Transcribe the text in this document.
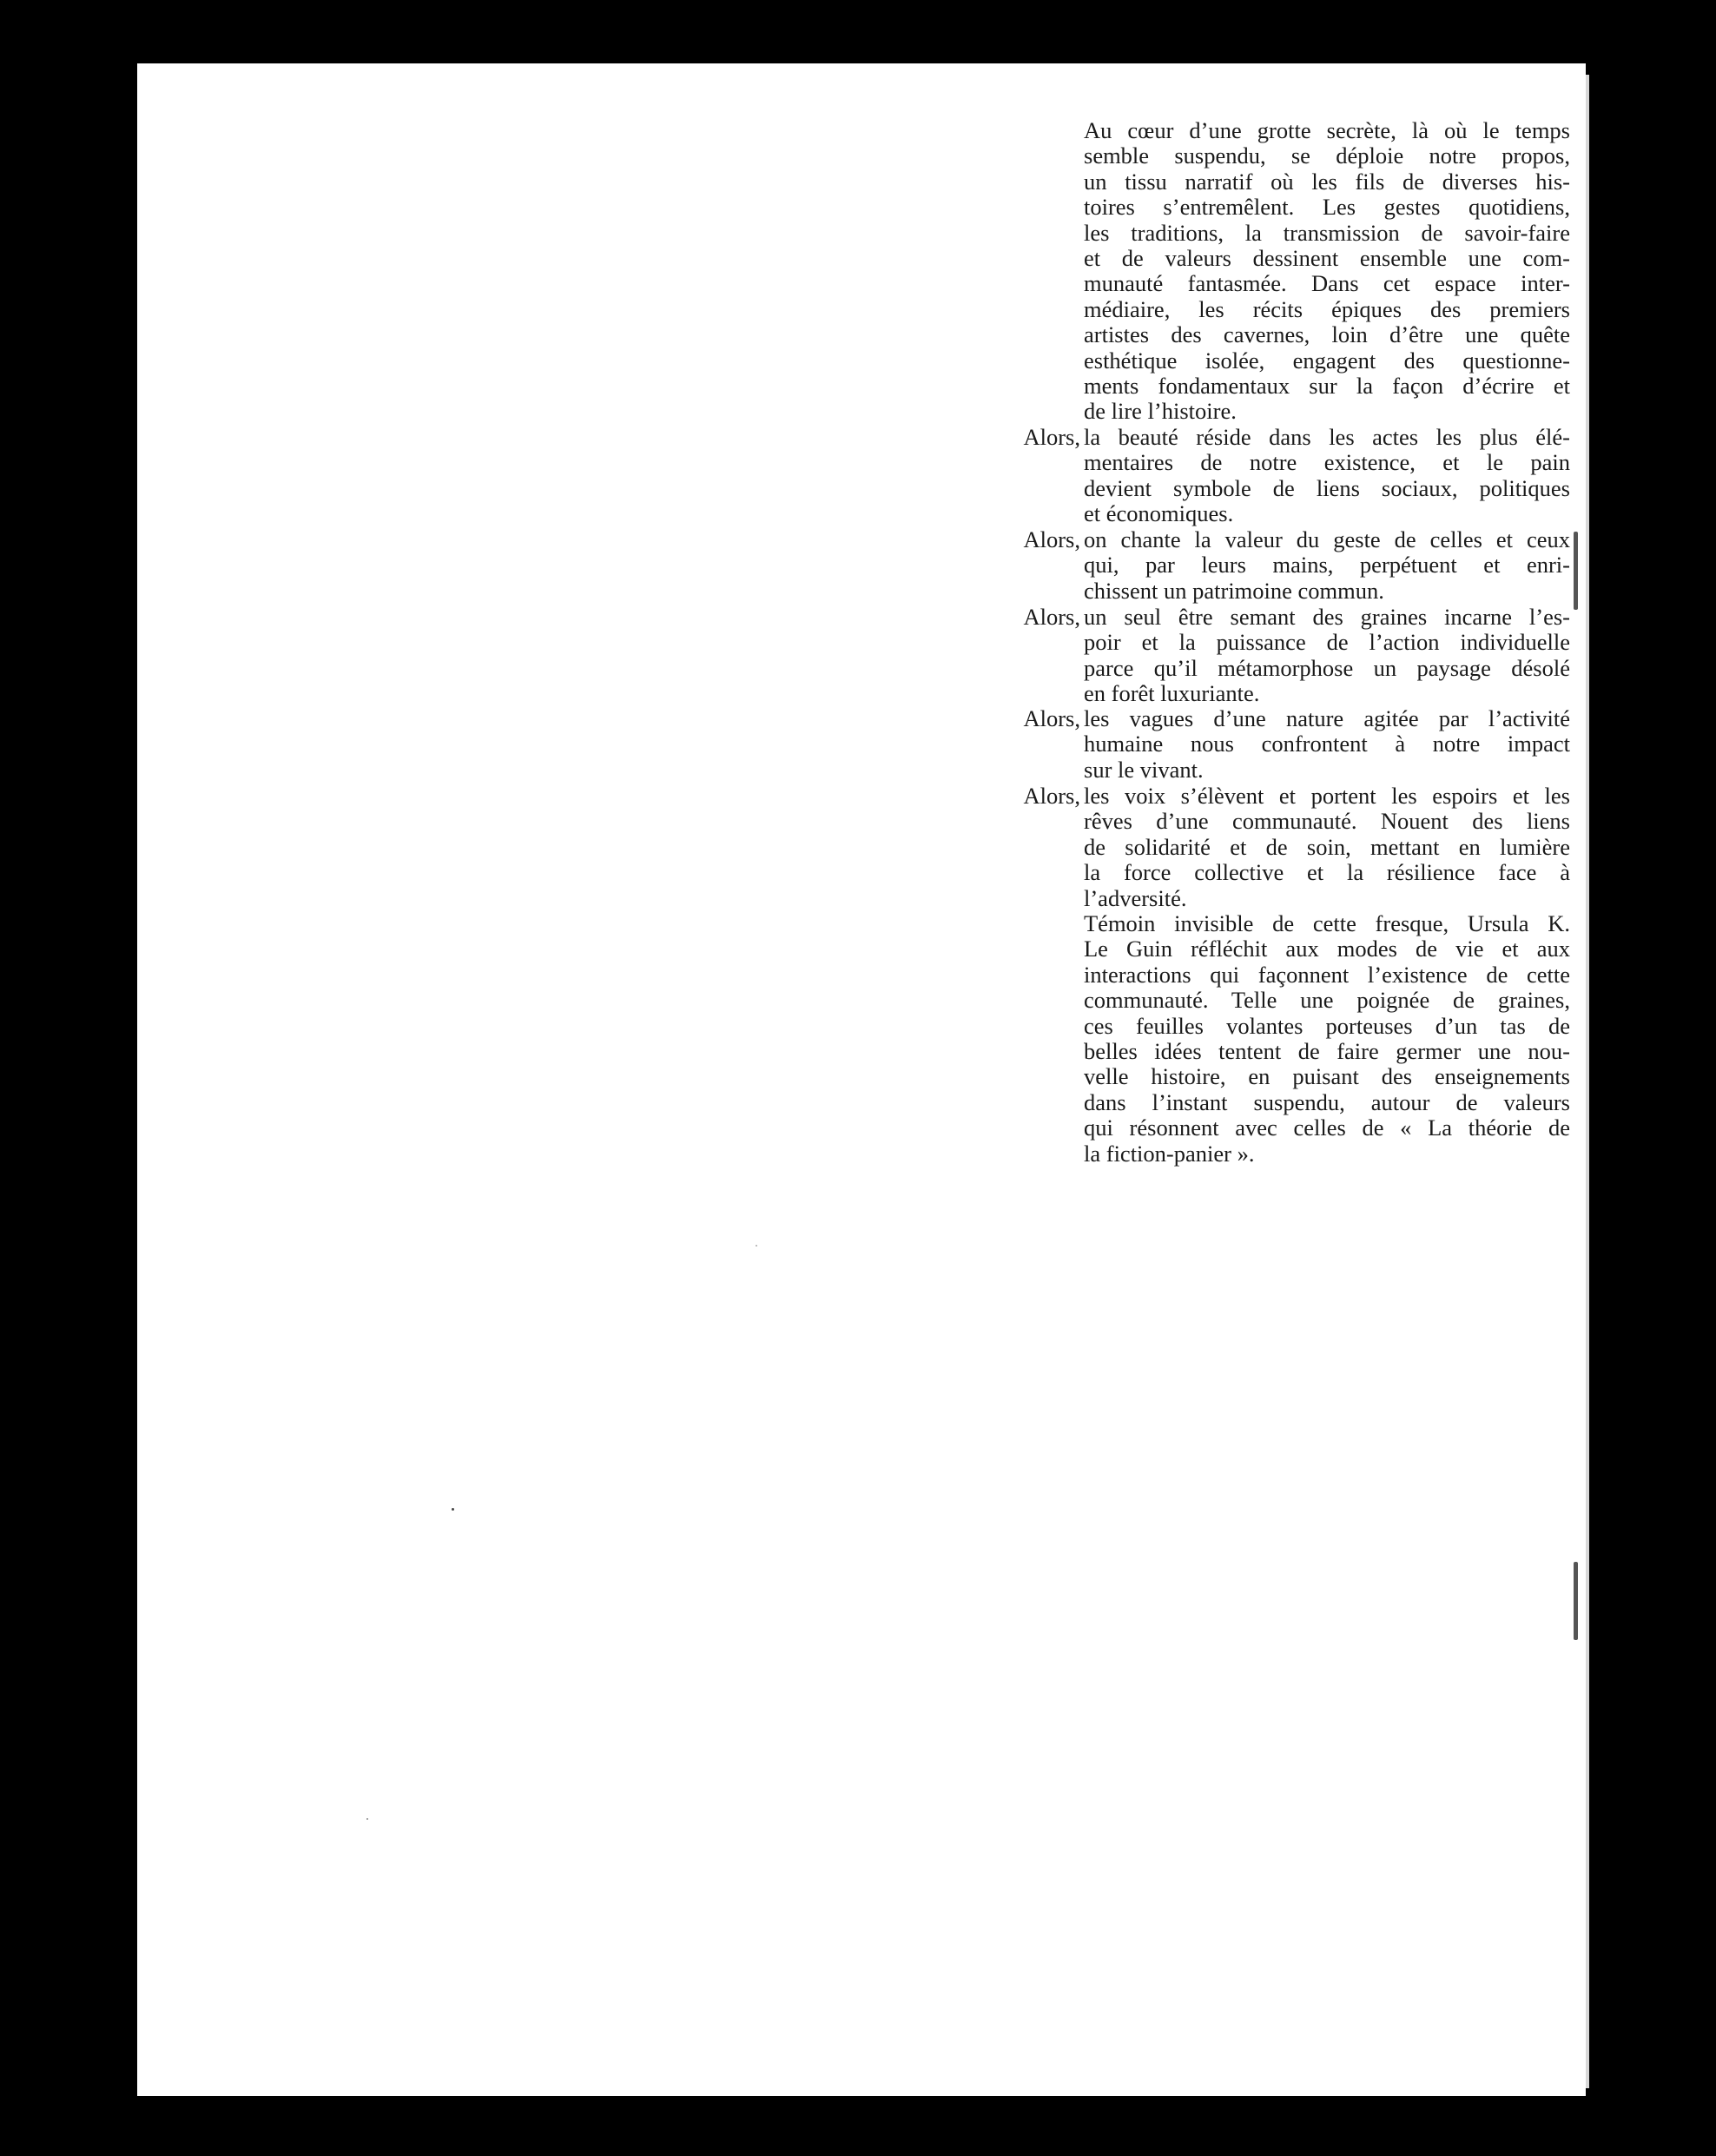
Au cœur d’une grotte secrète, là où le temps
semble suspendu, se déploie notre propos,
un tissu narratif où les fils de diverses his-
toires s’entremêlent. Les gestes quotidiens,
les traditions, la transmission de savoir-faire
et de valeurs dessinent ensemble une com-
munauté fantasmée. Dans cet espace inter-
médiaire, les récits épiques des premiers
artistes des cavernes, loin d’être une quête
esthétique isolée, engagent des questionne-
ments fondamentaux sur la façon d’écrire et
de lire l’histoire.
Alors, la beauté réside dans les actes les plus élé-
mentaires de notre existence, et le pain
devient symbole de liens sociaux, politiques
et économiques.
Alors, on chante la valeur du geste de celles et ceux
qui, par leurs mains, perpétuent et enri-
chissent un patrimoine commun.
Alors, un seul être semant des graines incarne l’es-
poir et la puissance de l’action individuelle
parce qu’il métamorphose un paysage désolé
en forêt luxuriante.
Alors, les vagues d’une nature agitée par l’activité
humaine nous confrontent à notre impact
sur le vivant.
Alors, les voix s’élèvent et portent les espoirs et les
rêves d’une communauté. Nouent des liens
de solidarité et de soin, mettant en lumière
la force collective et la résilience face à
l’adversité.
Témoin invisible de cette fresque, Ursula K.
Le Guin réfléchit aux modes de vie et aux
interactions qui façonnent l’existence de cette
communauté. Telle une poignée de graines,
ces feuilles volantes porteuses d’un tas de
belles idées tentent de faire germer une nou-
velle histoire, en puisant des enseignements
dans l’instant suspendu, autour de valeurs
qui résonnent avec celles de « La théorie de
la fiction-panier ».
